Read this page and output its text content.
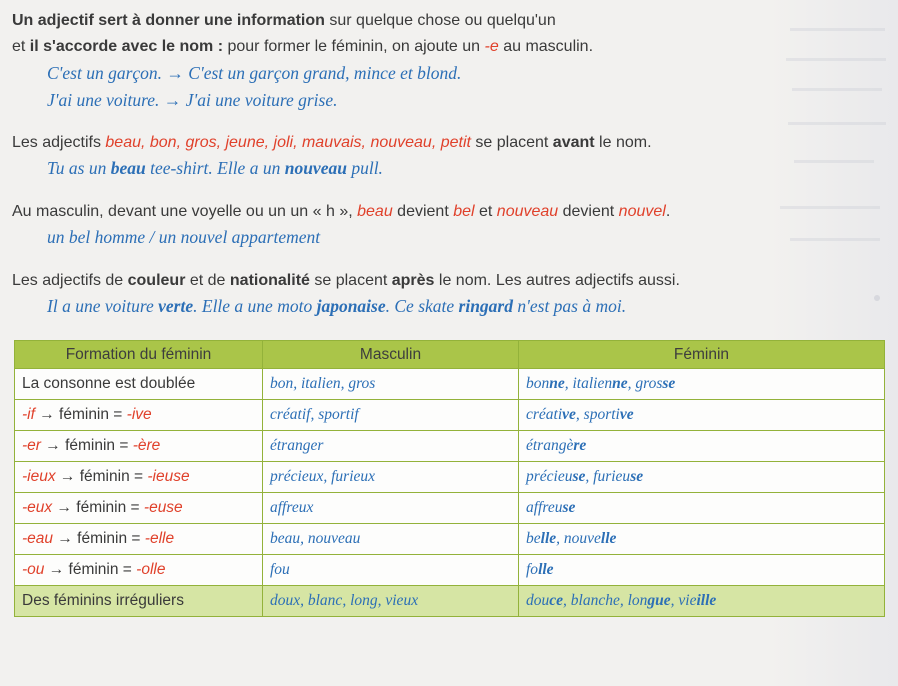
Un adjectif sert à donner une information sur quelque chose ou quelqu'un

et il s'accorde avec le nom : pour former le féminin, on ajoute un -e au masculin.

C'est un garçon. → C'est un garçon grand, mince et blond.

J'ai une voiture. → J'ai une voiture grise.

Les adjectifs beau, bon, gros, jeune, joli, mauvais, nouveau, petit se placent avant le nom.

Tu as un beau tee-shirt. Elle a un nouveau pull.

Au masculin, devant une voyelle ou un un « h », beau devient bel et nouveau devient nouvel.

un bel homme / un nouvel appartement

Les adjectifs de couleur et de nationalité se placent après le nom. Les autres adjectifs aussi.

Il a une voiture verte. Elle a une moto japonaise. Ce skate ringard n'est pas à moi.

Formation du féminin	Masculin	Féminin
La consonne est doublée	bon, italien, gros	bonne, italienne, grosse
-if → féminin = -ive	créatif, sportif	créative, sportive
-er → féminin = -ère	étranger	étrangère
-ieux → féminin = -ieuse	précieux, furieux	précieuse, furieuse
-eux → féminin = -euse	affreux	affreuse
-eau → féminin = -elle	beau, nouveau	belle, nouvelle
-ou → féminin = -olle	fou	folle
Des féminins irréguliers	doux, blanc, long, vieux	douce, blanche, longue, vieille
